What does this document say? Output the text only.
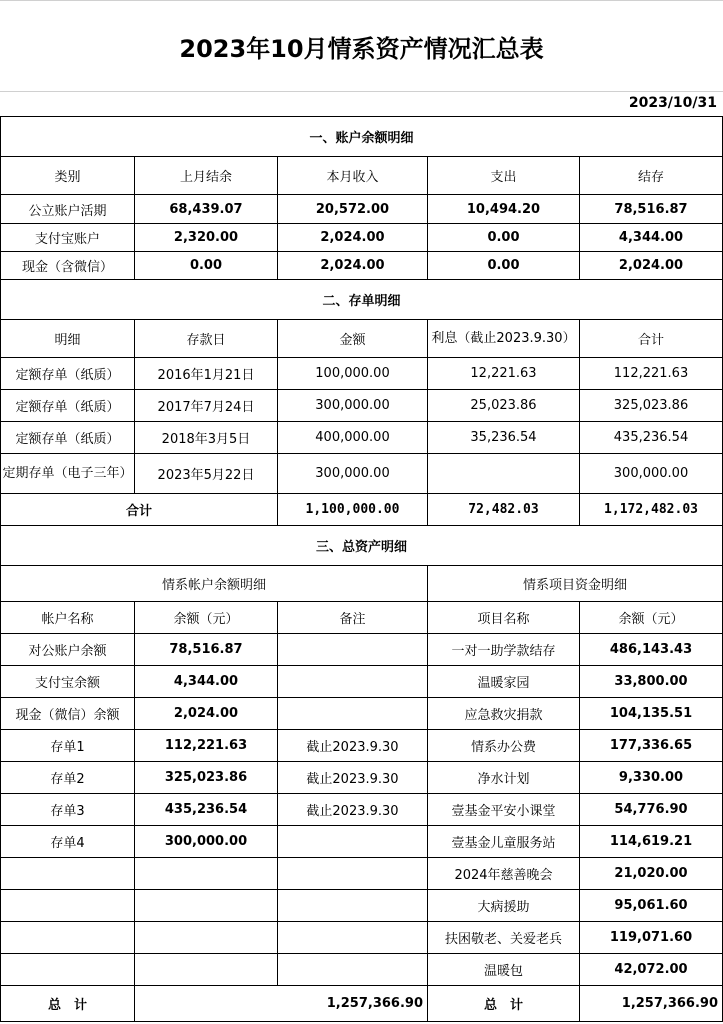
2023年10月情系资产情况汇总表
2023/10/31
一、账户余额明细				
类别	上月结余	本月收入	支出	结存
公立账户活期	68,439.07	20,572.00	10,494.20	78,516.87
支付宝账户	2,320.00	2,024.00	0.00	4,344.00
现金（含微信）	0.00	2,024.00	0.00	2,024.00
二、存单明细				
明细	存款日	金额	利息（截止2023.9.30）	合计
定额存单（纸质）	2016年1月21日	100,000.00	12,221.63	112,221.63
定额存单（纸质）	2017年7月24日	300,000.00	25,023.86	325,023.86
定额存单（纸质）	2018年3月5日	400,000.00	35,236.54	435,236.54
定期存单（电子三年）	2023年5月22日	300,000.00		300,000.00
合计		1,100,000.00	72,482.03	1,172,482.03
三、总资产明细				
情系帐户余额明细			情系项目资金明细	
帐户名称	余额（元）	备注	项目名称	余额（元）
对公账户余额	78,516.87		一对一助学款结存	486,143.43
支付宝余额	4,344.00		温暖家园	33,800.00
现金（微信）余额	2,024.00		应急救灾捐款	104,135.51
存单1	112,221.63	截止2023.9.30	情系办公费	177,336.65
存单2	325,023.86	截止2023.9.30	净水计划	9,330.00
存单3	435,236.54	截止2023.9.30	壹基金平安小课堂	54,776.90
存单4	300,000.00		壹基金儿童服务站	114,619.21
			2024年慈善晚会	21,020.00
			大病援助	95,061.60
			扶困敬老、关爱老兵	119,071.60
			温暖包	42,072.00
总　计	1,257,366.90		总　计	1,257,366.90
